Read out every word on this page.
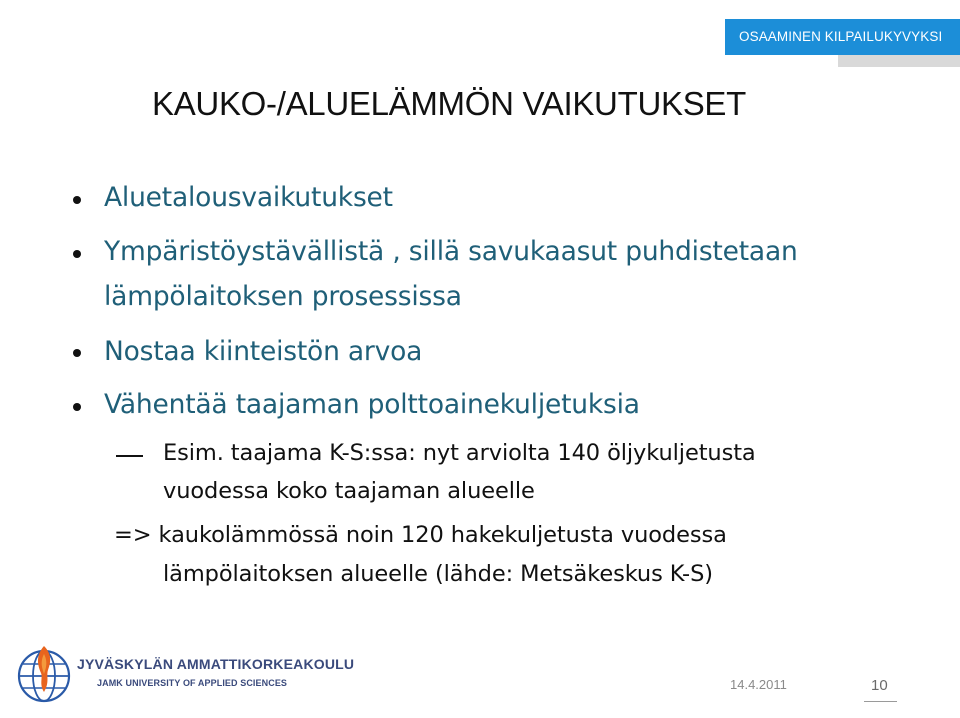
OSAAMINEN KILPAILUKYVYKSI
KAUKO-/ALUELÄMMÖN VAIKUTUKSET
Aluetalousvaikutukset
Ympäristöystävällistä , sillä savukaasut puhdistetaan
lämpölaitoksen prosessissa
Nostaa kiinteistön arvoa
Vähentää taajaman polttoainekuljetuksia
Esim. taajama K-S:ssa: nyt arviolta 140 öljykuljetusta
vuodessa koko taajaman alueelle
=> kaukolämmössä noin 120 hakekuljetusta vuodessa
lämpölaitoksen alueelle (lähde: Metsäkeskus K-S)
JYVÄSKYLÄN AMMATTIKORKEAKOULU
JAMK UNIVERSITY OF APPLIED SCIENCES	14.4.2011	10
